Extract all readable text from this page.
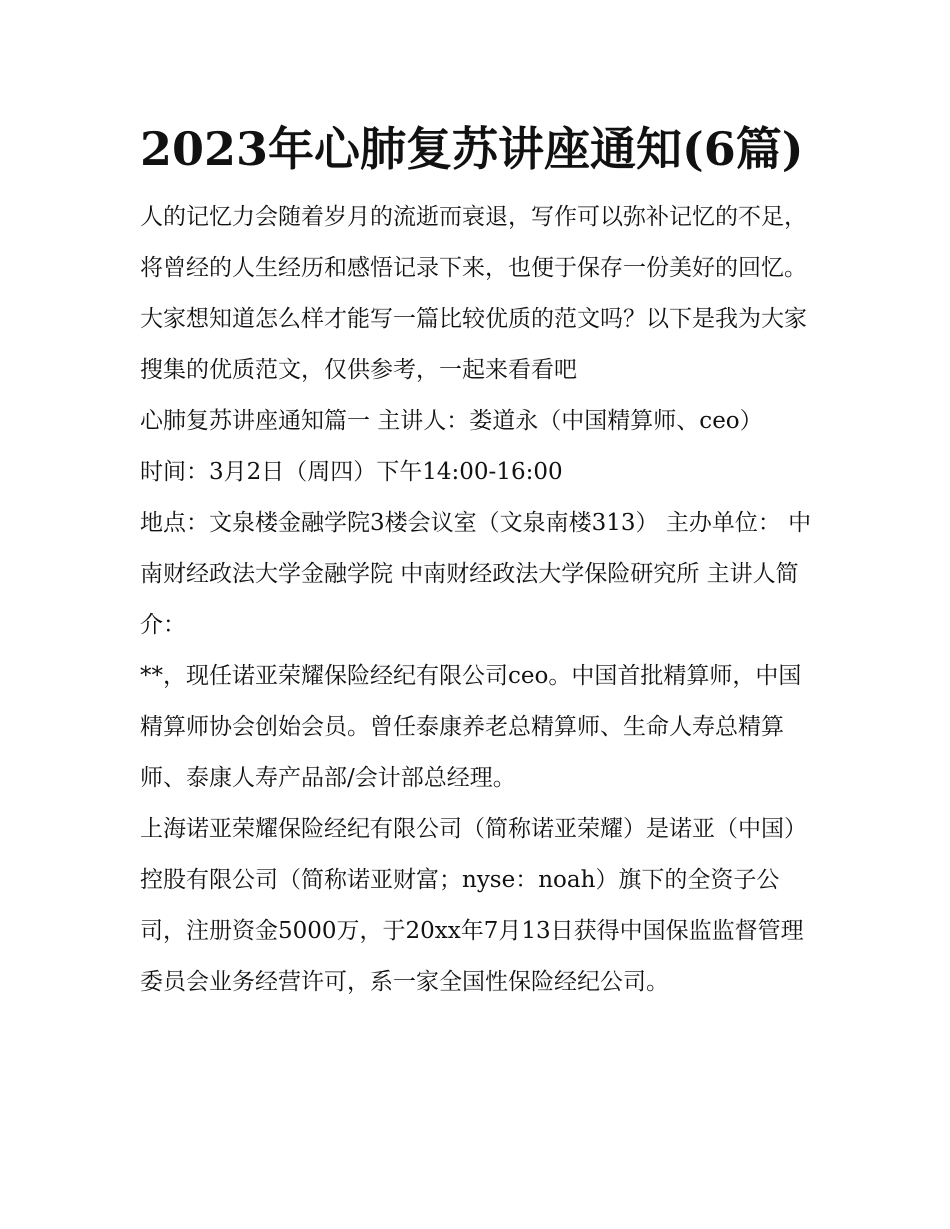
2023年心肺复苏讲座通知(6篇)

人的记忆力会随着岁月的流逝而衰退，写作可以弥补记忆的不足，将曾经的人生经历和感悟记录下来，也便于保存一份美好的回忆。大家想知道怎么样才能写一篇比较优质的范文吗？以下是我为大家搜集的优质范文，仅供参考，一起来看看吧

心肺复苏讲座通知篇一 主讲人：娄道永（中国精算师、ceo）

时间：3月2日（周四）下午14:00-16:00

地点：文泉楼金融学院3楼会议室（文泉南楼313） 主办单位： 中南财经政法大学金融学院 中南财经政法大学保险研究所 主讲人简介：

**，现任诺亚荣耀保险经纪有限公司ceo。中国首批精算师，中国精算师协会创始会员。曾任泰康养老总精算师、生命人寿总精算师、泰康人寿产品部/会计部总经理。

上海诺亚荣耀保险经纪有限公司（简称诺亚荣耀）是诺亚（中国）控股有限公司（简称诺亚财富；nyse：noah）旗下的全资子公司，注册资金5000万，于20xx年7月13日获得中国保监监督管理委员会业务经营许可，系一家全国性保险经纪公司。
